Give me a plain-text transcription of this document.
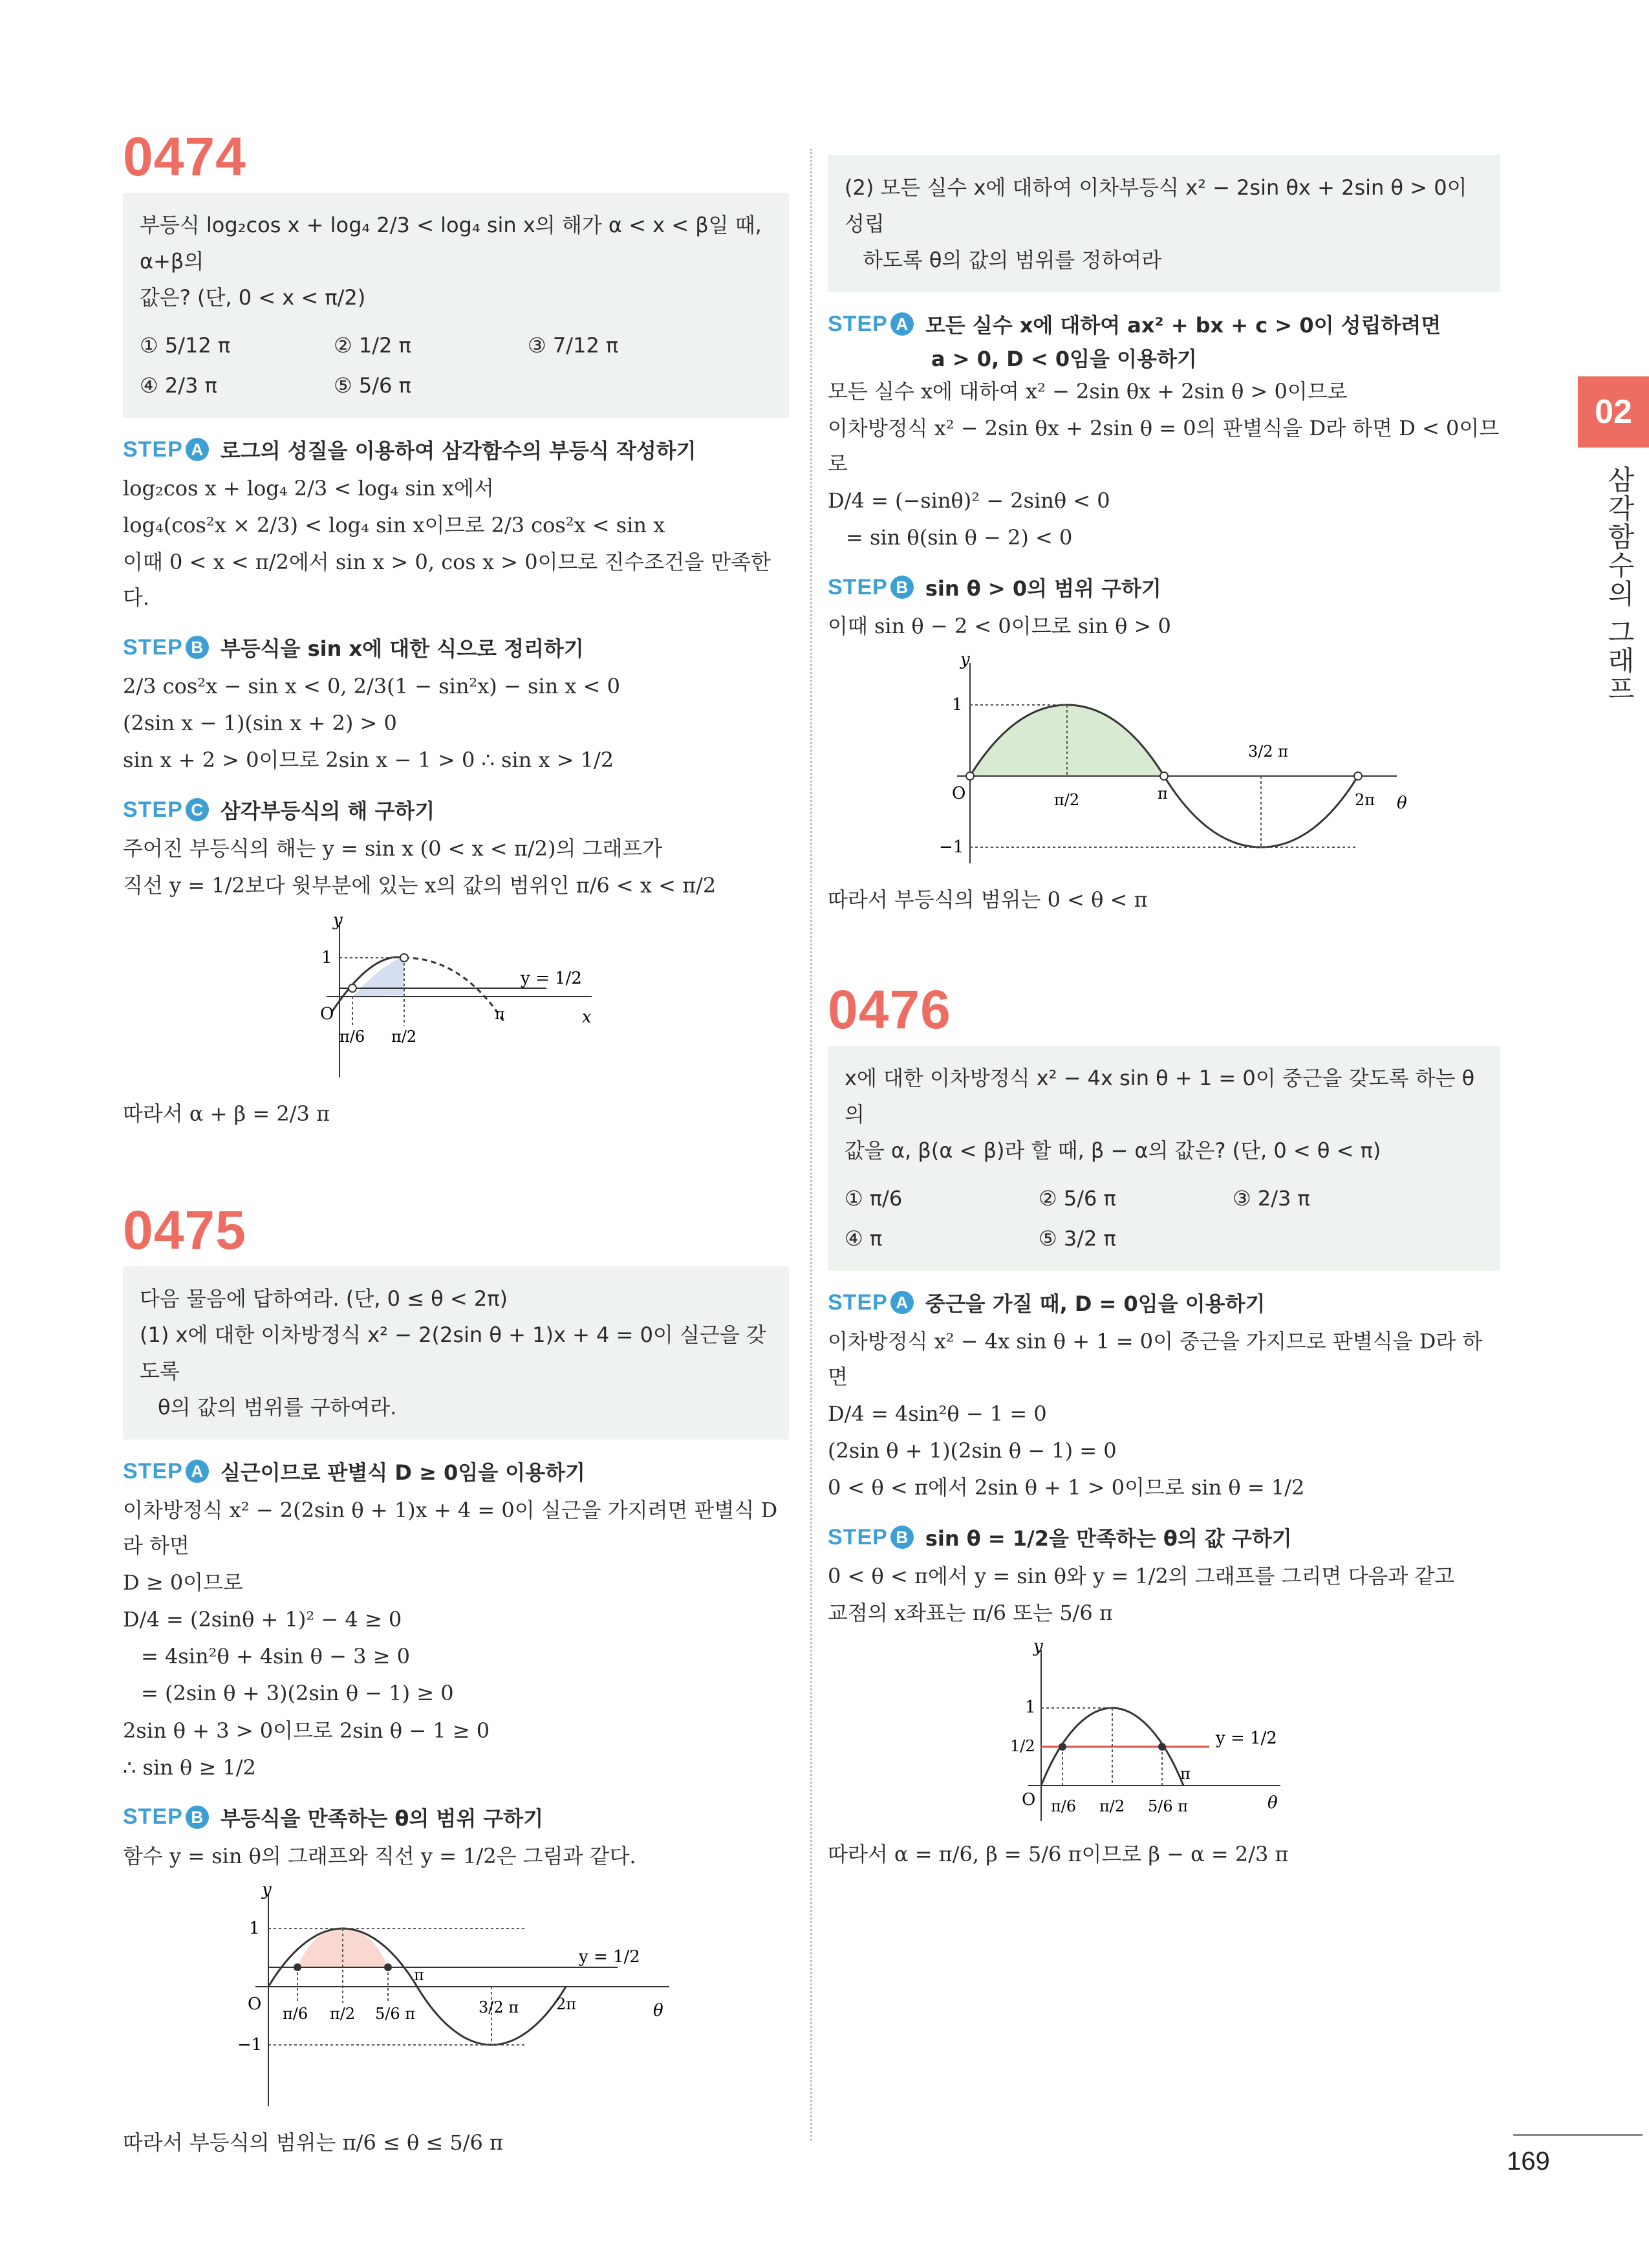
0474
부등식 log₂cos x + log₄ 2/3 < log₄ sin x의 해가 α < x < β일 때, α+β의
값은? (단, 0 < x < π/2)
① 5/12 π	② 1/2 π	③ 7/12 π
④ 2/3 π	⑤ 5/6 π
STEP A 로그의 성질을 이용하여 삼각함수의 부등식 작성하기
log₂cos x + log₄ 2/3 < log₄ sin x에서
log₄(cos²x × 2/3) < log₄ sin x이므로 2/3 cos²x < sin x
이때 0 < x < π/2에서 sin x > 0, cos x > 0이므로 진수조건을 만족한다.
STEP B 부등식을 sin x에 대한 식으로 정리하기
2/3 cos²x − sin x < 0, 2/3(1 − sin²x) − sin x < 0
(2sin x − 1)(sin x + 2) > 0
sin x + 2 > 0이므로 2sin x − 1 > 0 ∴ sin x > 1/2
STEP C 삼각부등식의 해 구하기
주어진 부등식의 해는 y = sin x (0 < x < π/2)의 그래프가
직선 y = 1/2보다 윗부분에 있는 x의 값의 범위인 π/6 < x < π/2
y
x
O
1
π/6 π/2
π
y = 1/2
따라서 α + β = 2/3 π
0475
다음 물음에 답하여라. (단, 0 ≤ θ < 2π)
(1) x에 대한 이차방정식 x² − 2(2sin θ + 1)x + 4 = 0이 실근을 갖도록
θ의 값의 범위를 구하여라.
STEP A 실근이므로 판별식 D ≥ 0임을 이용하기
이차방정식 x² − 2(2sin θ + 1)x + 4 = 0이 실근을 가지려면 판별식 D라 하면
D ≥ 0이므로
D/4 = (2sinθ + 1)² − 4 ≥ 0
= 4sin²θ + 4sin θ − 3 ≥ 0
= (2sin θ + 3)(2sin θ − 1) ≥ 0
2sin θ + 3 > 0이므로 2sin θ − 1 ≥ 0
∴ sin θ ≥ 1/2
STEP B 부등식을 만족하는 θ의 범위 구하기
함수 y = sin θ의 그래프와 직선 y = 1/2은 그림과 같다.
y
θ
O
1
−1
π/6 π/2 5/6 π
π
3/2 π 2π
y = 1/2
따라서 부등식의 범위는 π/6 ≤ θ ≤ 5/6 π
(2) 모든 실수 x에 대하여 이차부등식 x² − 2sin θx + 2sin θ > 0이 성립
하도록 θ의 값의 범위를 정하여라
STEP A 모든 실수 x에 대하여 ax² + bx + c > 0이 성립하려면
a > 0, D < 0임을 이용하기
모든 실수 x에 대하여 x² − 2sin θx + 2sin θ > 0이므로
이차방정식 x² − 2sin θx + 2sin θ = 0의 판별식을 D라 하면 D < 0이므로
D/4 = (−sinθ)² − 2sinθ < 0
= sin θ(sin θ − 2) < 0
STEP B sin θ > 0의 범위 구하기
이때 sin θ − 2 < 0이므로 sin θ > 0
y
θ
O
1
−1
π/2	π
3/2 π
2π
따라서 부등식의 범위는 0 < θ < π
0476
x에 대한 이차방정식 x² − 4x sin θ + 1 = 0이 중근을 갖도록 하는 θ의
값을 α, β(α < β)라 할 때, β − α의 값은? (단, 0 < θ < π)
① π/6	② 5/6 π	③ 2/3 π
④ π	⑤ 3/2 π
STEP A 중근을 가질 때, D = 0임을 이용하기
이차방정식 x² − 4x sin θ + 1 = 0이 중근을 가지므로 판별식을 D라 하면
D/4 = 4sin²θ − 1 = 0
(2sin θ + 1)(2sin θ − 1) = 0
0 < θ < π에서 2sin θ + 1 > 0이므로 sin θ = 1/2
STEP B sin θ = 1/2을 만족하는 θ의 값 구하기
0 < θ < π에서 y = sin θ와 y = 1/2의 그래프를 그리면 다음과 같고
교점의 x좌표는 π/6 또는 5/6 π
y
θ
O
1
1/2
π/6 π/2 5/6 π
π
y = 1/2
따라서 α = π/6, β = 5/6 π이므로 β − α = 2/3 π
02
삼각함수의 그래프
169
